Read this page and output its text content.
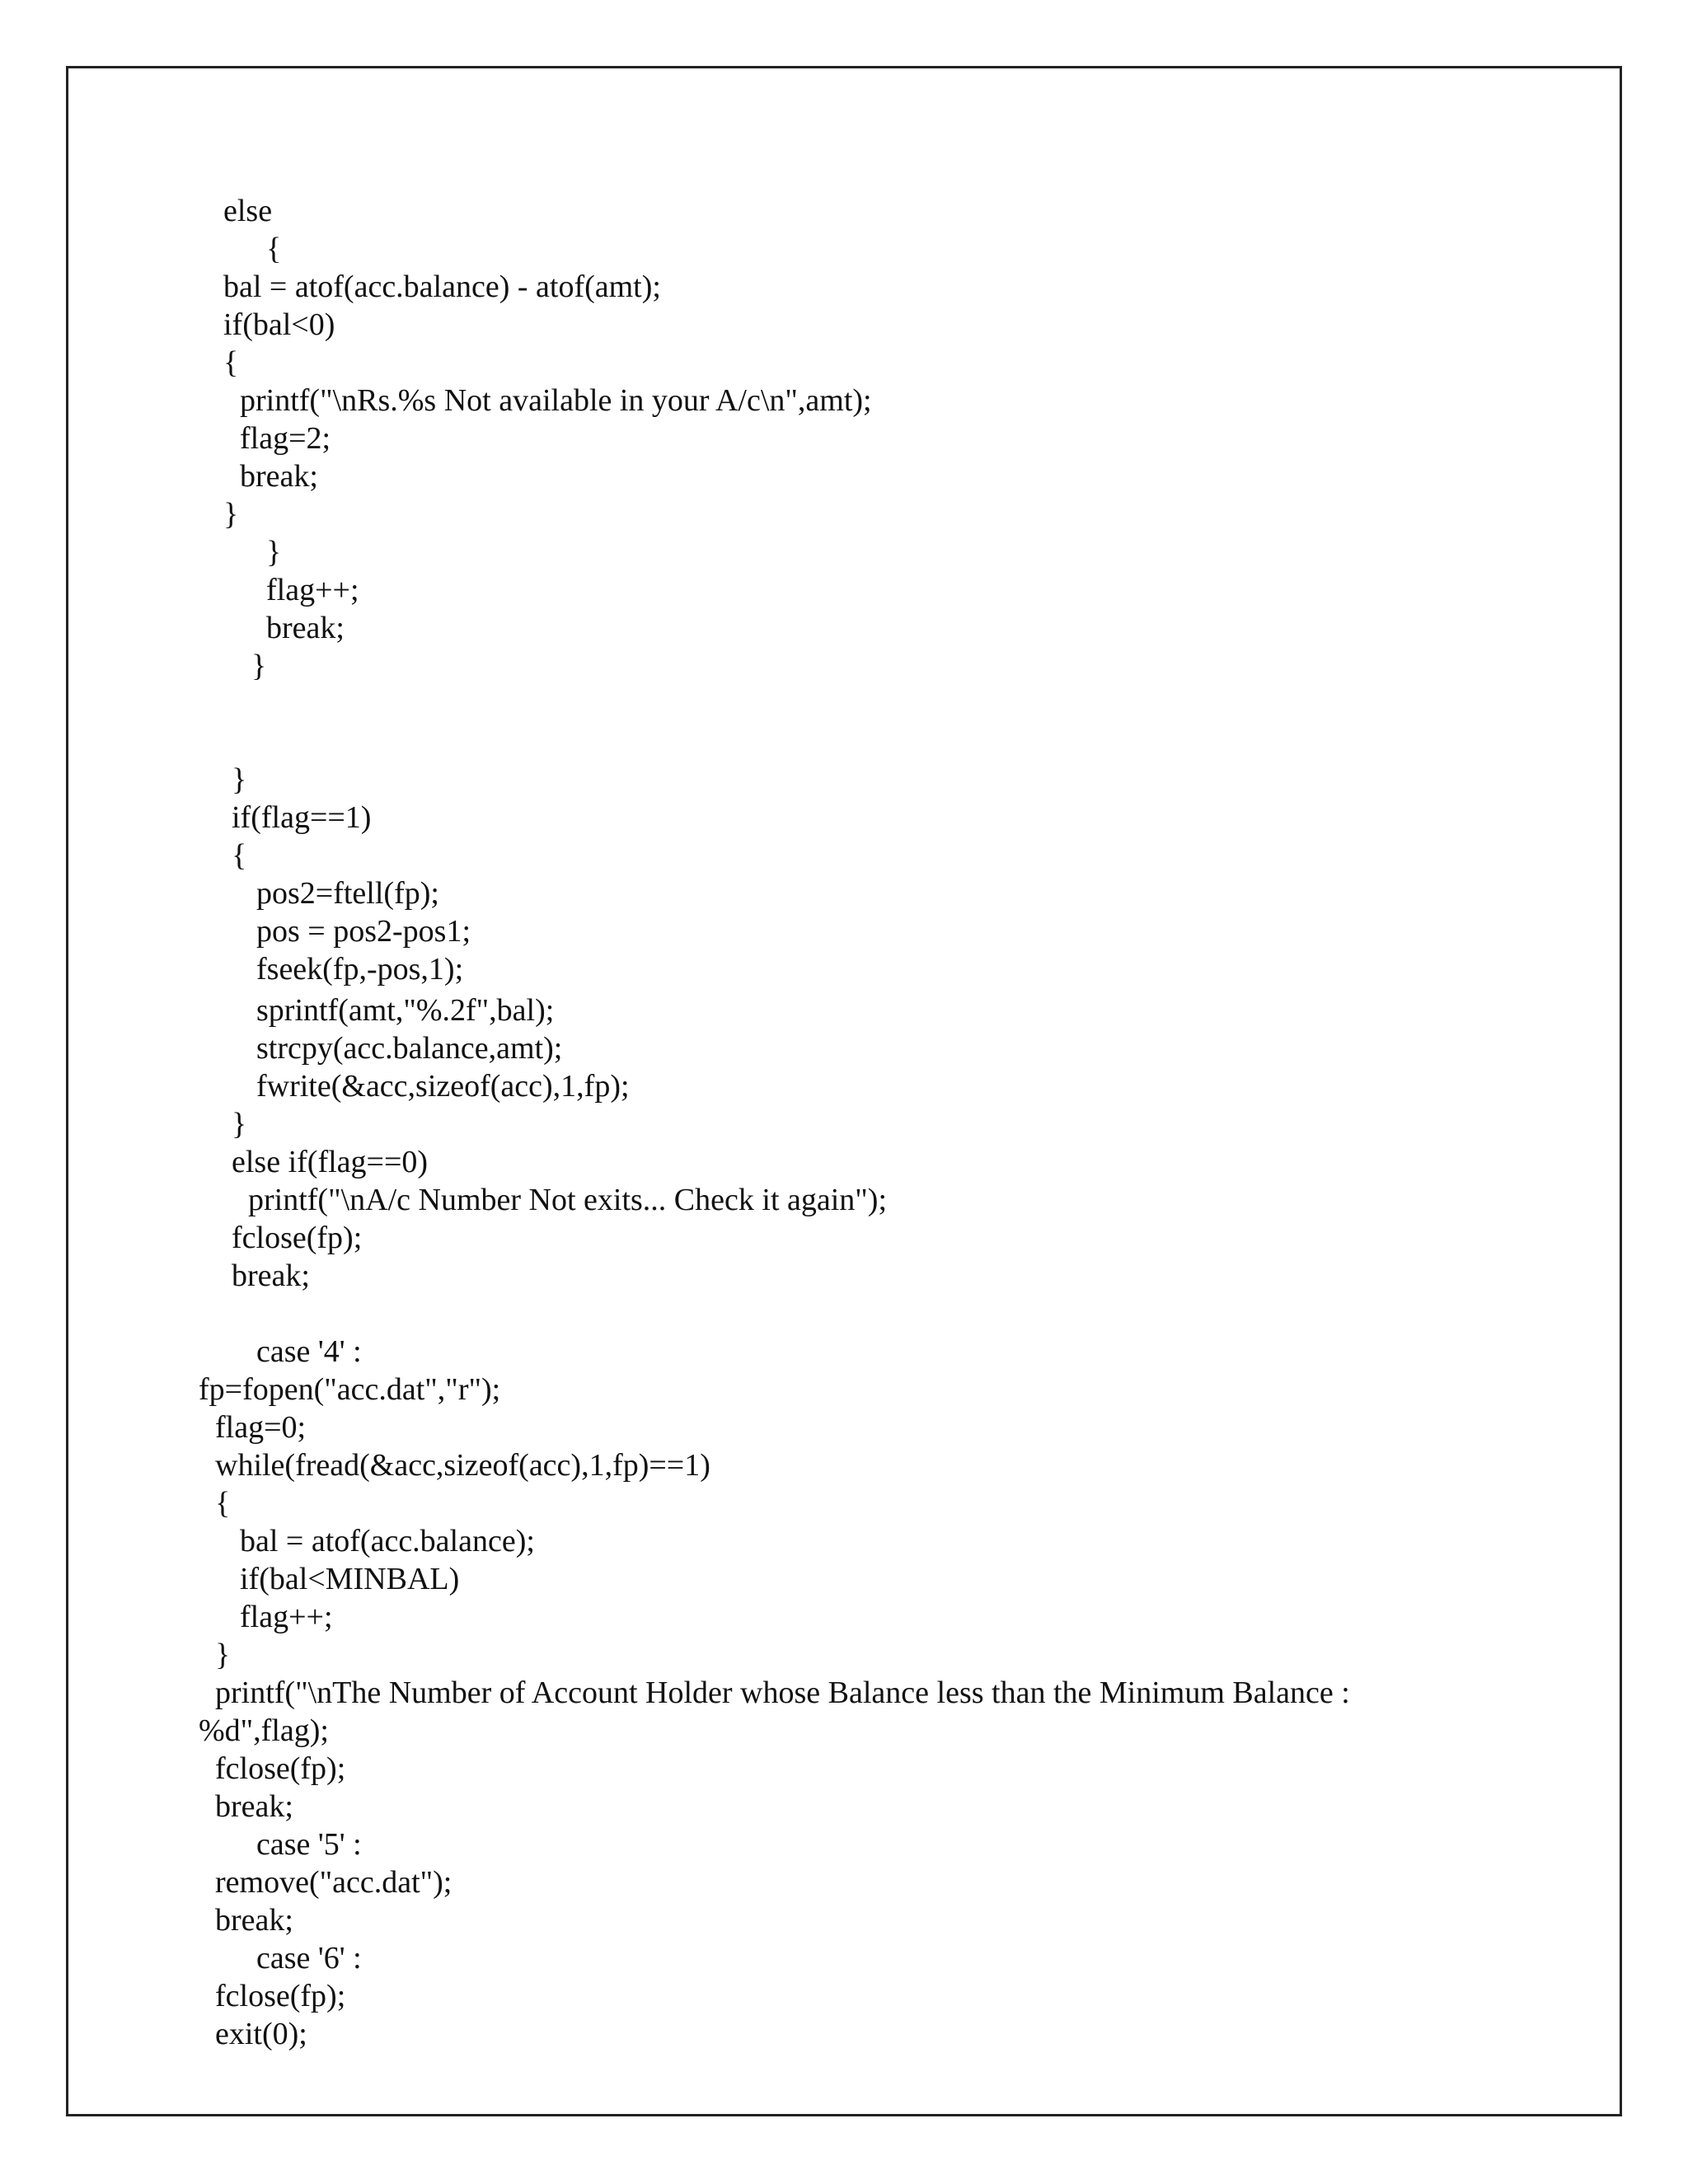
else
{
bal = atof(acc.balance) - atof(amt);
if(bal<0)
{
printf("\nRs.%s Not available in your A/c\n",amt);
flag=2;
break;
}
}
flag++;
break;
}
}
if(flag==1)
{
pos2=ftell(fp);
pos = pos2-pos1;
fseek(fp,-pos,1);
sprintf(amt,"%.2f",bal);
strcpy(acc.balance,amt);
fwrite(&acc,sizeof(acc),1,fp);
}
else if(flag==0)
printf("\nA/c Number Not exits... Check it again");
fclose(fp);
break;
case '4' :
fp=fopen("acc.dat","r");
flag=0;
while(fread(&acc,sizeof(acc),1,fp)==1)
{
bal = atof(acc.balance);
if(bal<MINBAL)
flag++;
}
printf("\nThe Number of Account Holder whose Balance less than the Minimum Balance :
%d",flag);
fclose(fp);
break;
case '5' :
remove("acc.dat");
break;
case '6' :
fclose(fp);
exit(0);
